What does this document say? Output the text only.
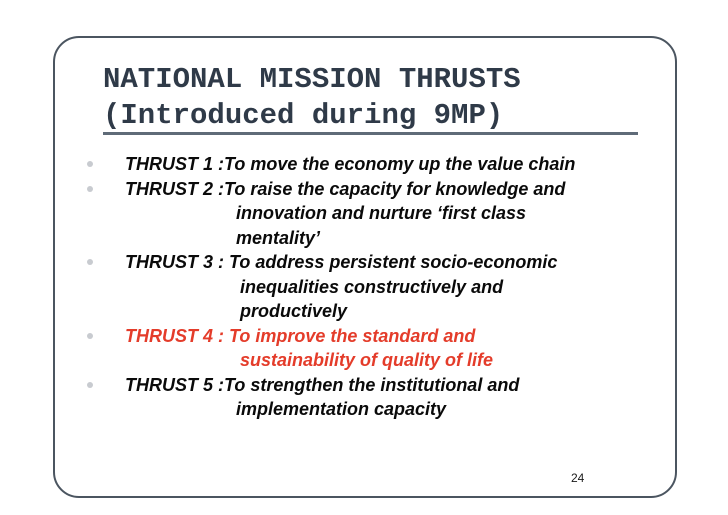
NATIONAL MISSION THRUSTS
(Introduced during 9MP)
THRUST 1 :To move the economy up the value chain
THRUST 2 :To raise the capacity for knowledge and
innovation and nurture ‘first class
mentality’
THRUST 3 : To address persistent socio-economic
inequalities constructively and
productively
THRUST 4 : To improve the standard and
sustainability of quality of life
THRUST 5 :To strengthen the institutional and
implementation capacity
24
